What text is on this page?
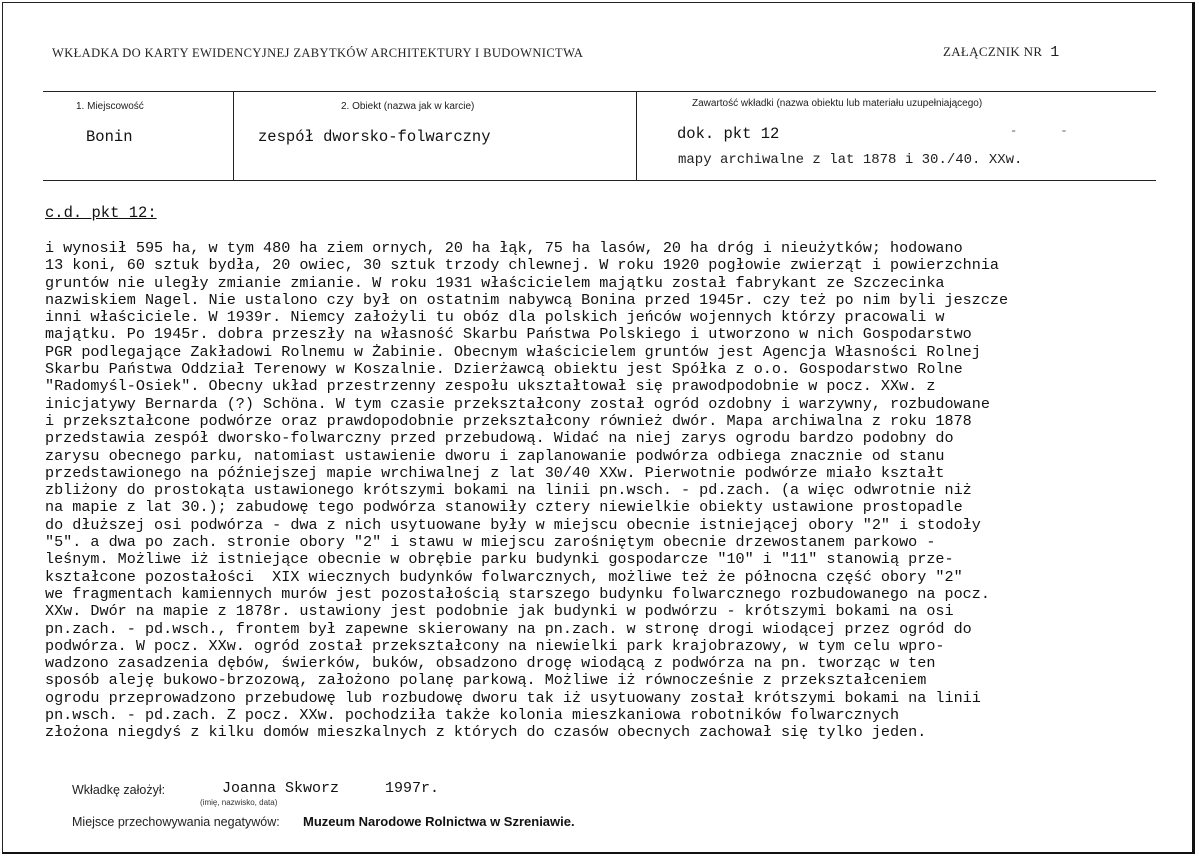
WKŁADKA DO KARTY EWIDENCYJNEJ ZABYTKÓW ARCHITEKTURY I BUDOWNICTWA	ZAŁĄCZNIK NR 1
1. Miejscowość
Bonin
2. Obiekt (nazwa jak w karcie)
zespół dworsko-folwarczny
Zawartość wkładki (nazwa obiektu lub materiału uzupełniającego)
dok. pkt 12	- -
mapy archiwalne z lat 1878 i 30./40. XXw.
c.d. pkt 12:
i wynosił 595 ha, w tym 480 ha ziem ornych, 20 ha łąk, 75 ha lasów, 20 ha dróg i nieużytków; hodowano
13 koni, 60 sztuk bydła, 20 owiec, 30 sztuk trzody chlewnej. W roku 1920 pogłowie zwierząt i powierzchnia
gruntów nie uległy zmianie zmianie. W roku 1931 właścicielem majątku został fabrykant ze Szczecinka
nazwiskiem Nagel. Nie ustalono czy był on ostatnim nabywcą Bonina przed 1945r. czy też po nim byli jeszcze
inni właściciele. W 1939r. Niemcy założyli tu obóz dla polskich jeńców wojennych którzy pracowali w
majątku. Po 1945r. dobra przeszły na własność Skarbu Państwa Polskiego i utworzono w nich Gospodarstwo
PGR podlegające Zakładowi Rolnemu w Żabinie. Obecnym właścicielem gruntów jest Agencja Własności Rolnej
Skarbu Państwa Oddział Terenowy w Koszalnie. Dzierżawcą obiektu jest Spółka z o.o. Gospodarstwo Rolne
"Radomyśl-Osiek". Obecny układ przestrzenny zespołu ukształtował się prawodpodobnie w pocz. XXw. z
inicjatywy Bernarda (?) Schöna. W tym czasie przekształcony został ogród ozdobny i warzywny, rozbudowane
i przekształcone podwórze oraz prawdopodobnie przekształcony również dwór. Mapa archiwalna z roku 1878
przedstawia zespół dworsko-folwarczny przed przebudową. Widać na niej zarys ogrodu bardzo podobny do
zarysu obecnego parku, natomiast ustawienie dworu i zaplanowanie podwórza odbiega znacznie od stanu
przedstawionego na późniejszej mapie wrchiwalnej z lat 30/40 XXw. Pierwotnie podwórze miało kształt
zbliżony do prostokąta ustawionego krótszymi bokami na linii pn.wsch. - pd.zach. (a więc odwrotnie niż
na mapie z lat 30.); zabudowę tego podwórza stanowiły cztery niewielkie obiekty ustawione prostopadle
do dłuższej osi podwórza - dwa z nich usytuowane były w miejscu obecnie istniejącej obory "2" i stodoły
"5". a dwa po zach. stronie obory "2" i stawu w miejscu zarośniętym obecnie drzewostanem parkowo -
leśnym. Możliwe iż istniejące obecnie w obrębie parku budynki gospodarcze "10" i "11" stanowią prze-
kształcone pozostałości  XIX wiecznych budynków folwarcznych, możliwe też że północna część obory "2"
we fragmentach kamiennych murów jest pozostałością starszego budynku folwarcznego rozbudowanego na pocz.
XXw. Dwór na mapie z 1878r. ustawiony jest podobnie jak budynki w podwórzu - krótszymi bokami na osi
pn.zach. - pd.wsch., frontem był zapewne skierowany na pn.zach. w stronę drogi wiodącej przez ogród do
podwórza. W pocz. XXw. ogród został przekształcony na niewielki park krajobrazowy, w tym celu wpro-
wadzono zasadzenia dębów, świerków, buków, obsadzono drogę wiodącą z podwórza na pn. tworząc w ten
sposób aleję bukowo-brzozową, założono polanę parkową. Możliwe iż równocześnie z przekształceniem
ogrodu przeprowadzono przebudowę lub rozbudowę dworu tak iż usytuowany został krótszymi bokami na linii
pn.wsch. - pd.zach. Z pocz. XXw. pochodziła także kolonia mieszkaniowa robotników folwarcznych
złożona niegdyś z kilku domów mieszkalnych z których do czasów obecnych zachował się tylko jeden.
Wkładkę założył:	Joanna Skworz	1997r.
(imię, nazwisko, data)
Miejsce przechowywania negatywów: Muzeum Narodowe Rolnictwa w Szreniawie.
